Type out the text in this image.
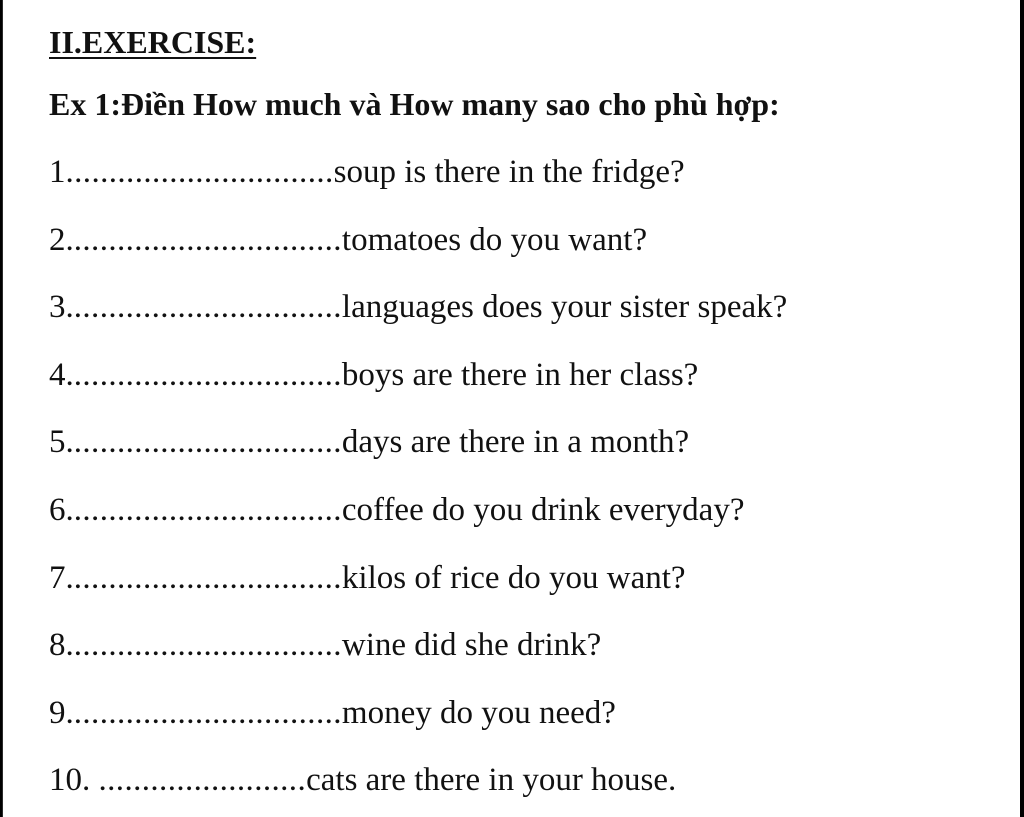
II.EXERCISE:

Ex 1:Điền How much và How many sao cho phù hợp:

1...............................soup is there in the fridge?
2................................tomatoes do you want?
3................................languages does your sister speak?
4................................boys are there in her class?
5................................days are there in a month?
6................................coffee do you drink everyday?
7................................kilos of rice do you want?
8................................wine did she drink?
9................................money do you need?
10. ........................cats are there in your house.
